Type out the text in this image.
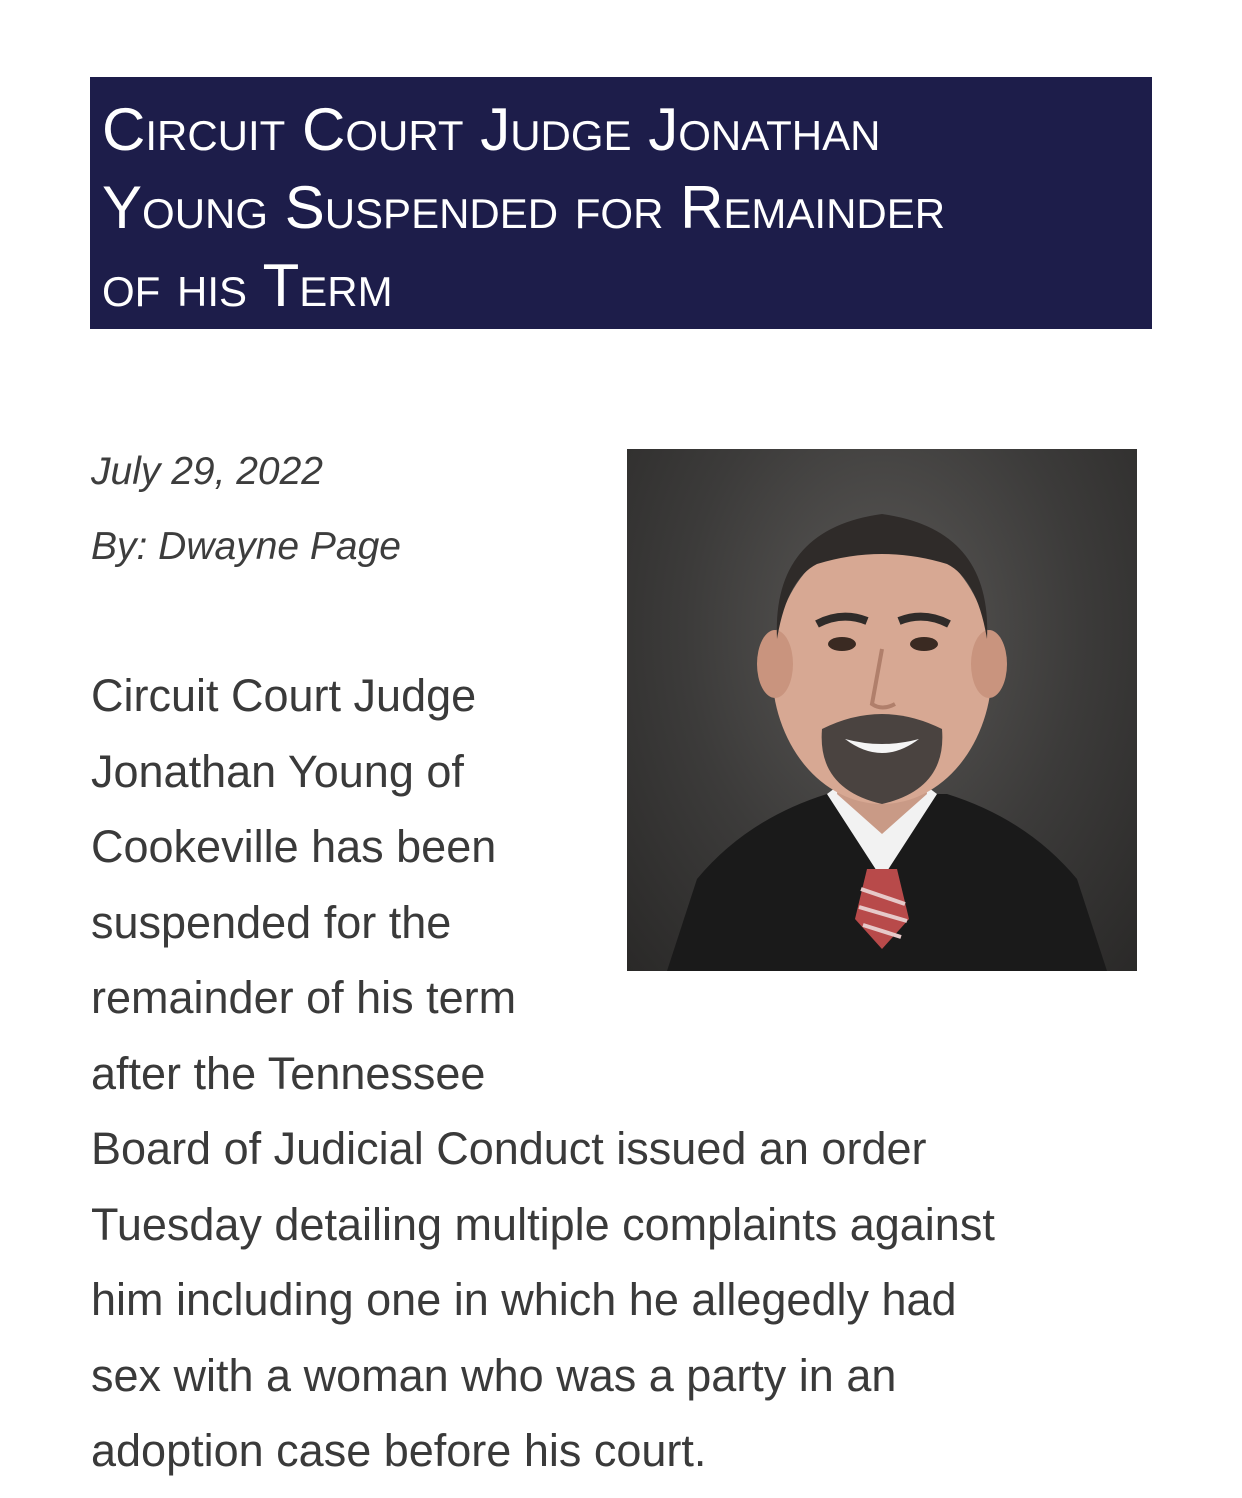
Circuit Court Judge Jonathan
Young Suspended for Remainder
of his Term
July 29, 2022
By: Dwayne Page
Circuit Court Judge
Jonathan Young of
Cookeville has been
suspended for the
remainder of his term
after the Tennessee
Board of Judicial Conduct issued an order
Tuesday detailing multiple complaints against
him including one in which he allegedly had
sex with a woman who was a party in an
adoption case before his court.
